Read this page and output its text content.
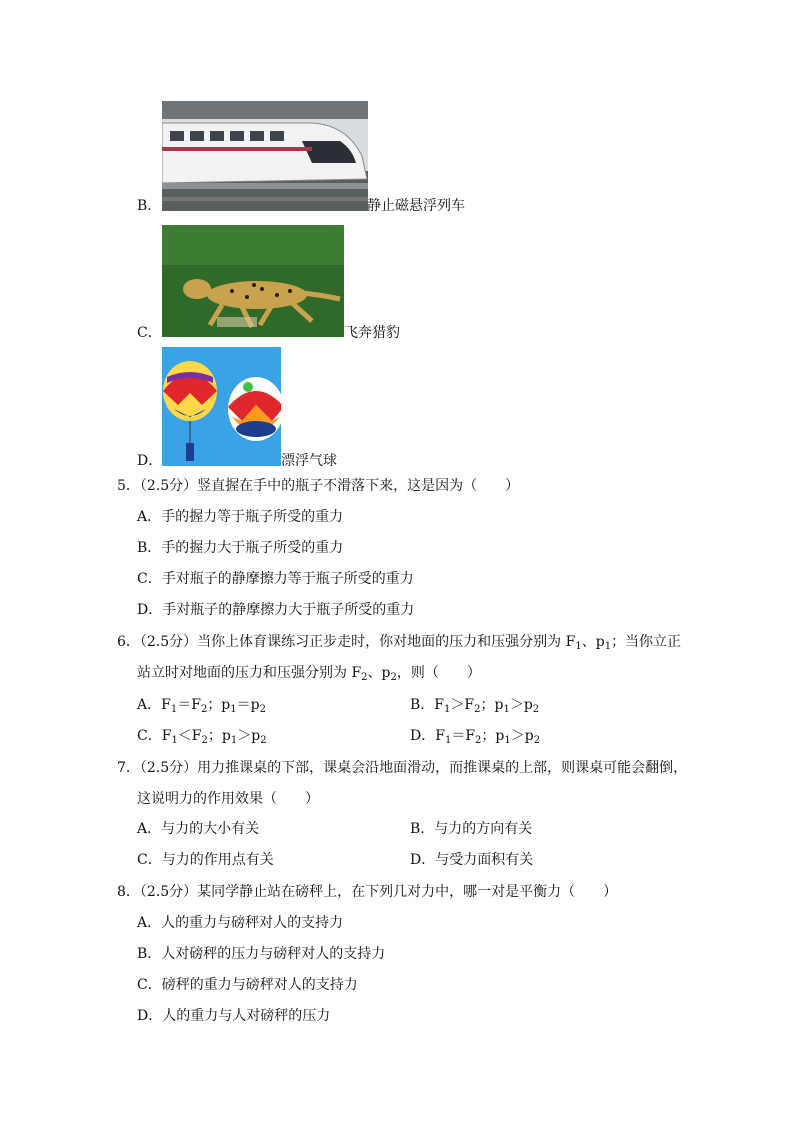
B．	静止磁悬浮列车
C．	飞奔猎豹
D．	漂浮气球
5．（2.5分）竖直握在手中的瓶子不滑落下来，这是因为（　　）
A．手的握力等于瓶子所受的重力
B．手的握力大于瓶子所受的重力
C．手对瓶子的静摩擦力等于瓶子所受的重力
D．手对瓶子的静摩擦力大于瓶子所受的重力
6．（2.5分）当你上体育课练习正步走时，你对地面的压力和压强分别为 $F_1$、$p_1$；当你立正
站立时对地面的压力和压强分别为 $F_2$、$p_2$，则（　　）
A．$F_1=F_2$；$p_1=p_2$	B．$F_1>F_2$；$p_1>p_2$
C．$F_1<F_2$；$p_1>p_2$	D．$F_1=F_2$；$p_1>p_2$
7．（2.5分）用力推课桌的下部，课桌会沿地面滑动，而推课桌的上部，则课桌可能会翻倒，
这说明力的作用效果（　　）
A．与力的大小有关	B．与力的方向有关
C．与力的作用点有关	D．与受力面积有关
8．（2.5分）某同学静止站在磅秤上，在下列几对力中，哪一对是平衡力（　　）
A．人的重力与磅秤对人的支持力
B．人对磅秤的压力与磅秤对人的支持力
C．磅秤的重力与磅秤对人的支持力
D．人的重力与人对磅秤的压力
